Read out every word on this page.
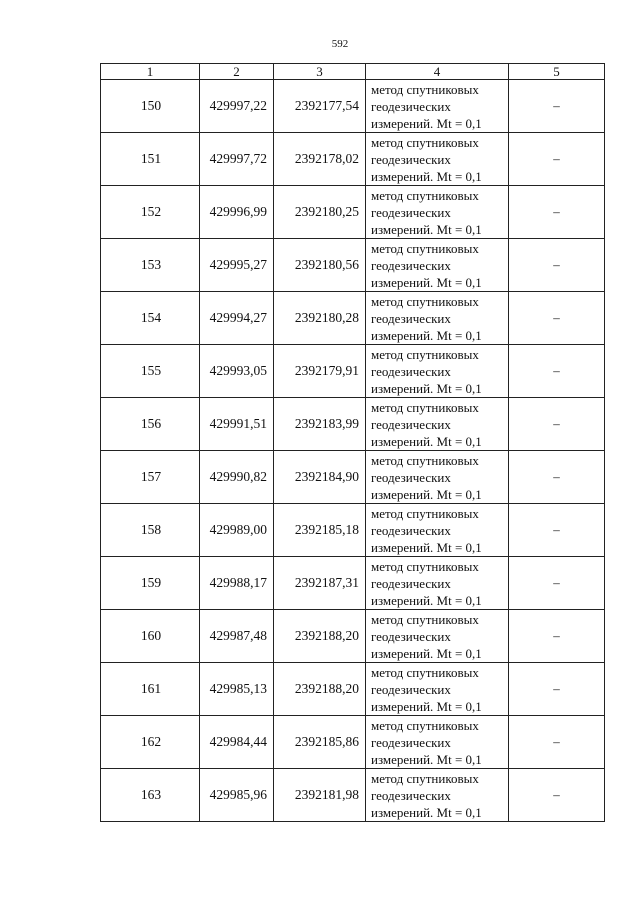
592
1	2	3	4	5
150	429997,22	2392177,54	метод спутниковых
геодезических
измерений. Mt = 0,1	–
151	429997,72	2392178,02	метод спутниковых
геодезических
измерений. Mt = 0,1	–
152	429996,99	2392180,25	метод спутниковых
геодезических
измерений. Mt = 0,1	–
153	429995,27	2392180,56	метод спутниковых
геодезических
измерений. Mt = 0,1	–
154	429994,27	2392180,28	метод спутниковых
геодезических
измерений. Mt = 0,1	–
155	429993,05	2392179,91	метод спутниковых
геодезических
измерений. Mt = 0,1	–
156	429991,51	2392183,99	метод спутниковых
геодезических
измерений. Mt = 0,1	–
157	429990,82	2392184,90	метод спутниковых
геодезических
измерений. Mt = 0,1	–
158	429989,00	2392185,18	метод спутниковых
геодезических
измерений. Mt = 0,1	–
159	429988,17	2392187,31	метод спутниковых
геодезических
измерений. Mt = 0,1	–
160	429987,48	2392188,20	метод спутниковых
геодезических
измерений. Mt = 0,1	–
161	429985,13	2392188,20	метод спутниковых
геодезических
измерений. Mt = 0,1	–
162	429984,44	2392185,86	метод спутниковых
геодезических
измерений. Mt = 0,1	–
163	429985,96	2392181,98	метод спутниковых
геодезических
измерений. Mt = 0,1	–
